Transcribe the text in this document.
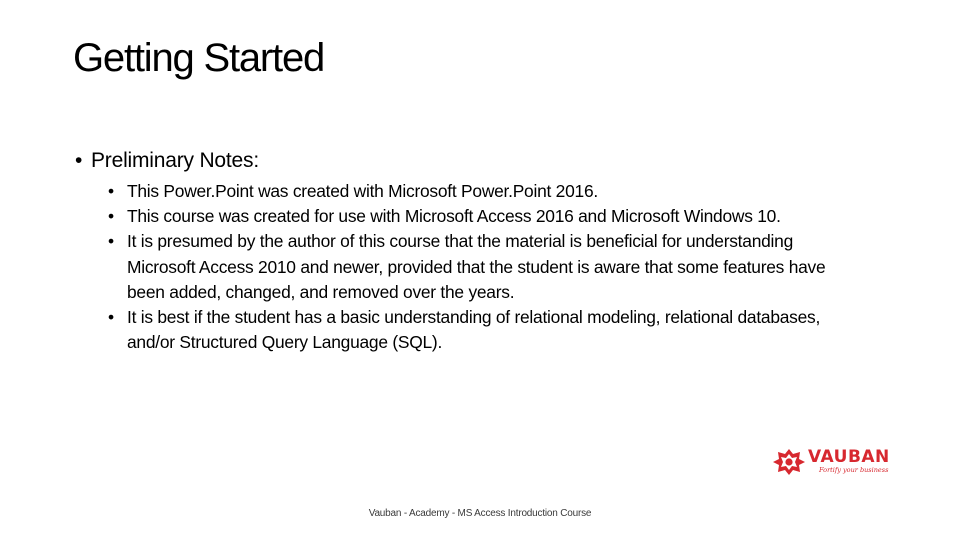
Getting Started
• Preliminary Notes:
• This Power.Point was created with Microsoft Power.Point 2016.
• This course was created for use with Microsoft Access 2016 and Microsoft Windows 10.
• It is presumed by the author of this course that the material is beneficial for understanding Microsoft Access 2010 and newer, provided that the student is aware that some features have been added, changed, and removed over the years.
• It is best if the student has a basic understanding of relational modeling, relational databases, and/or Structured Query Language (SQL).
VAUBAN
Fortify your business
Vauban - Academy - MS Access Introduction Course
